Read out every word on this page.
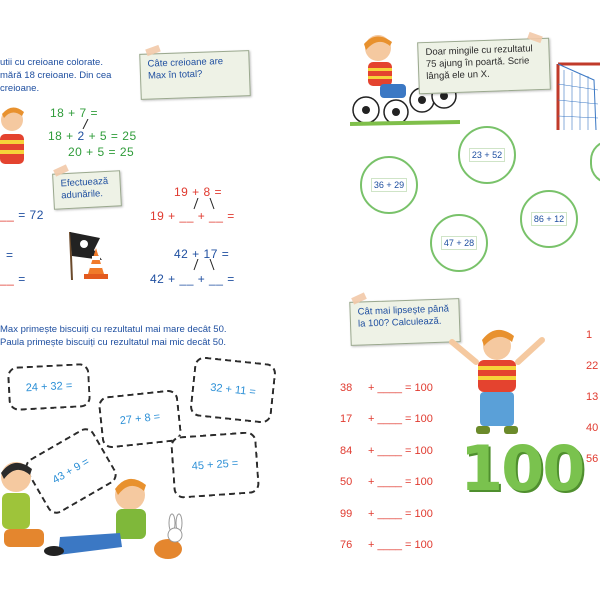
utii cu creioane colorate.
mără 18 creioane. Din cea
creioane.
Câte creioane are Max în total?
18 + 7 =
18 + 2 + 5 = 25
20 + 5 = 25
Efectuează adunările.
__ = 72
=
__ =
19 + 8 =
19 + __ + __ =
42 + 17 =
42 + __ + __ =
Max primește biscuiți cu rezultatul mai mare decât 50.
Paula primește biscuiți cu rezultatul mai mic decât 50.
24 + 32 =
27 + 8 =
32 + 11 =
43 + 9 =	45 + 25 =
Doar mingile cu rezultatul 75 ajung în poartă. Scrie lângă ele un X.
23 + 52
36 + 29
86 + 12
47 + 28
Cât mai lipsește până la 100? Calculează.
38 + ____ = 100
17 + ____ = 100
84 + ____ = 100
50 + ____ = 100
99 + ____ = 100
76 + ____ = 100
100
1
22
13
40
56
